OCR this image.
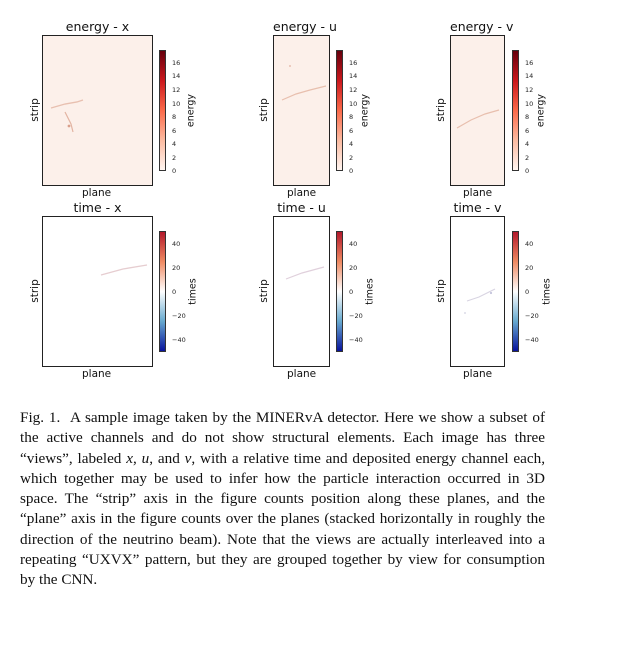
energy - x
plane
strip
16
14
12
10
8
6
4
2
0
energy
energy - u
plane
strip
16
14
12
10
8
6
4
2
0
energy
energy - v
plane
strip
16
14
12
10
8
6
4
2
0
energy
time - x
plane
strip
40
20
0
−20
−40
times
time - u
plane
strip
40
20
0
−20
−40
times
time - v
plane
strip
40
20
0
−20
−40
times
Fig. 1. A sample image taken by the MINERvA detector. Here we show a subset of the active channels and do not show structural elements. Each image has three “views”, labeled x, u, and v, with a relative time and deposited energy channel each, which together may be used to infer how the particle interaction occurred in 3D space. The “strip” axis in the figure counts position along these planes, and the “plane” axis in the figure counts over the planes (stacked horizontally in roughly the direction of the neutrino beam). Note that the views are actually interleaved into a repeating “UXVX” pattern, but they are grouped together by view for consumption by the CNN.
